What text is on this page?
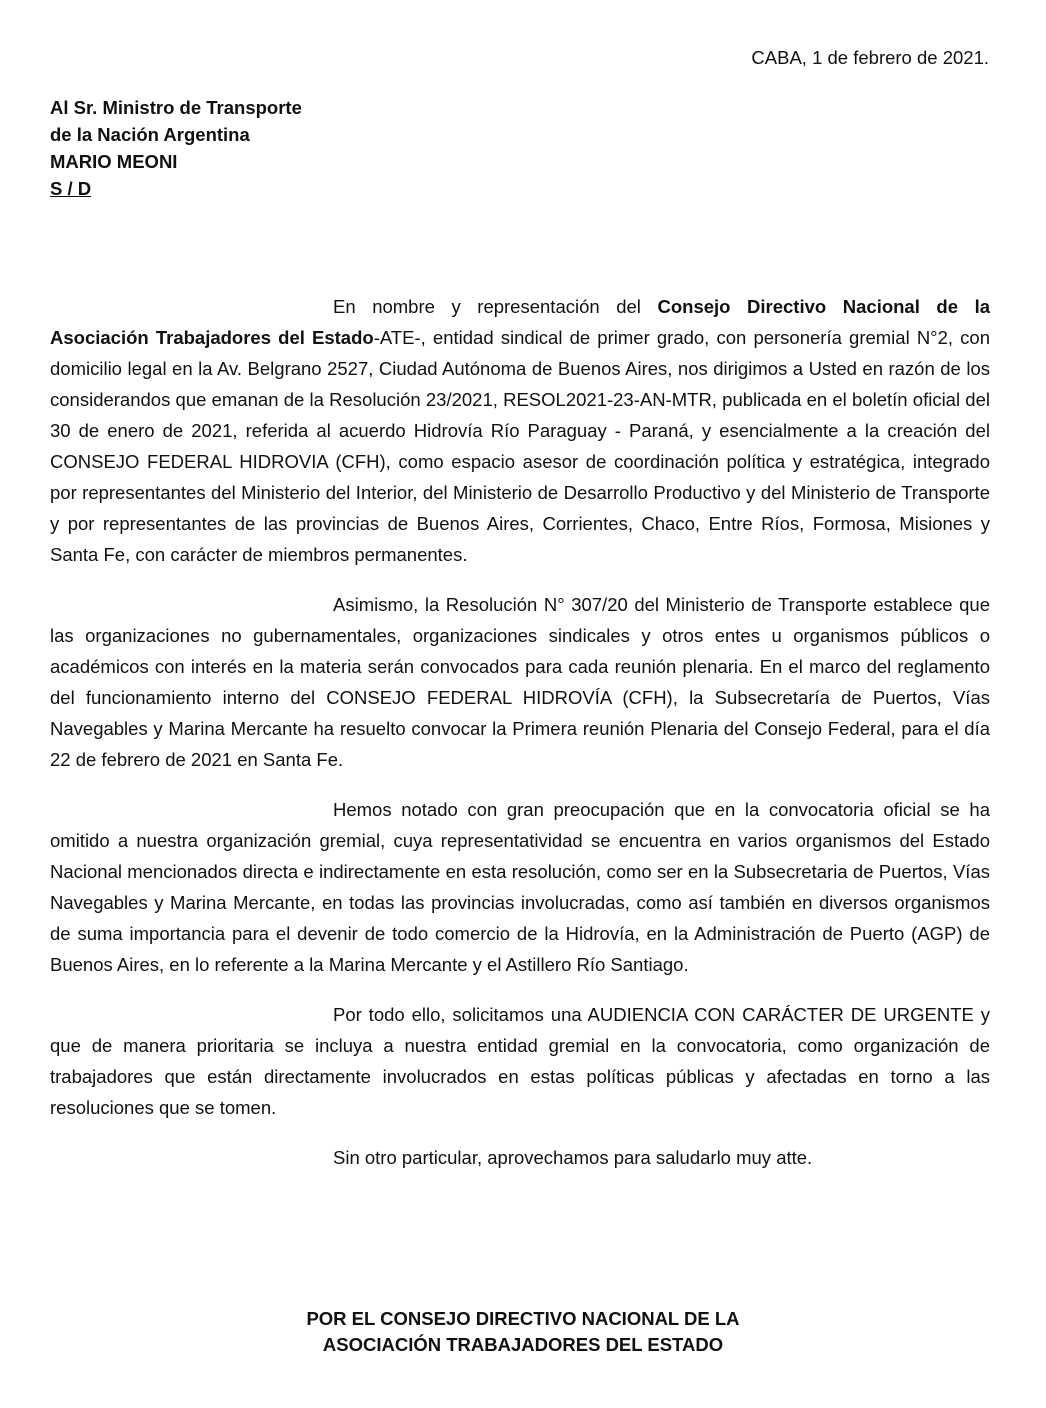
CABA, 1 de febrero de 2021.

Al Sr. Ministro de Transporte
de la Nación Argentina
MARIO MEONI
S / D

En nombre y representación del Consejo Directivo Nacional de la Asociación Trabajadores del Estado-ATE-, entidad sindical de primer grado, con personería gremial N°2, con domicilio legal en la Av. Belgrano 2527, Ciudad Autónoma de Buenos Aires, nos dirigimos a Usted en razón de los considerandos que emanan de la Resolución 23/2021, RESOL2021-23-AN-MTR, publicada en el boletín oficial del 30 de enero de 2021, referida al acuerdo Hidrovía Río Paraguay - Paraná, y esencialmente a la creación del CONSEJO FEDERAL HIDROVIA (CFH), como espacio asesor de coordinación política y estratégica, integrado por representantes del Ministerio del Interior, del Ministerio de Desarrollo Productivo y del Ministerio de Transporte y por representantes de las provincias de Buenos Aires, Corrientes, Chaco, Entre Ríos, Formosa, Misiones y Santa Fe, con carácter de miembros permanentes.

Asimismo, la Resolución N° 307/20 del Ministerio de Transporte establece que las organizaciones no gubernamentales, organizaciones sindicales y otros entes u organismos públicos o académicos con interés en la materia serán convocados para cada reunión plenaria. En el marco del reglamento del funcionamiento interno del CONSEJO FEDERAL HIDROVÍA (CFH), la Subsecretaría de Puertos, Vías Navegables y Marina Mercante ha resuelto convocar la Primera reunión Plenaria del Consejo Federal, para el día 22 de febrero de 2021 en Santa Fe.

Hemos notado con gran preocupación que en la convocatoria oficial se ha omitido a nuestra organización gremial, cuya representatividad se encuentra en varios organismos del Estado Nacional mencionados directa e indirectamente en esta resolución, como ser en la Subsecretaria de Puertos, Vías Navegables y Marina Mercante, en todas las provincias involucradas, como así también en diversos organismos de suma importancia para el devenir de todo comercio de la Hidrovía, en la Administración de Puerto (AGP) de Buenos Aires, en lo referente a la Marina Mercante y el Astillero Río Santiago.

Por todo ello, solicitamos una AUDIENCIA CON CARÁCTER DE URGENTE y que de manera prioritaria se incluya a nuestra entidad gremial en la convocatoria, como organización de trabajadores que están directamente involucrados en estas políticas públicas y afectadas en torno a las resoluciones que se tomen.

Sin otro particular, aprovechamos para saludarlo muy atte.

POR EL CONSEJO DIRECTIVO NACIONAL DE LA
ASOCIACIÓN TRABAJADORES DEL ESTADO
